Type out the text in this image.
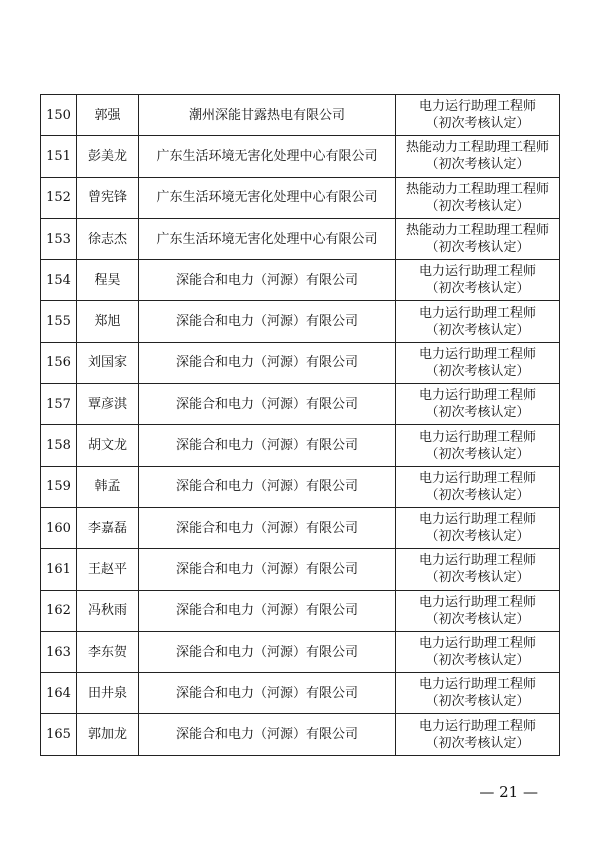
150	郭强	潮州深能甘露热电有限公司	电力运行助理工程师
（初次考核认定）

151	彭美龙	广东生活环境无害化处理中心有限公司	热能动力工程助理工程师
（初次考核认定）

152	曾宪锋	广东生活环境无害化处理中心有限公司	热能动力工程助理工程师
（初次考核认定）

153	徐志杰	广东生活环境无害化处理中心有限公司	热能动力工程助理工程师
（初次考核认定）

154	程昊	深能合和电力（河源）有限公司	电力运行助理工程师
（初次考核认定）

155	郑旭	深能合和电力（河源）有限公司	电力运行助理工程师
（初次考核认定）

156	刘国家	深能合和电力（河源）有限公司	电力运行助理工程师
（初次考核认定）

157	覃彦淇	深能合和电力（河源）有限公司	电力运行助理工程师
（初次考核认定）

158	胡文龙	深能合和电力（河源）有限公司	电力运行助理工程师
（初次考核认定）

159	韩孟	深能合和电力（河源）有限公司	电力运行助理工程师
（初次考核认定）

160	李嘉磊	深能合和电力（河源）有限公司	电力运行助理工程师
（初次考核认定）

161	王赵平	深能合和电力（河源）有限公司	电力运行助理工程师
（初次考核认定）

162	冯秋雨	深能合和电力（河源）有限公司	电力运行助理工程师
（初次考核认定）

163	李东贺	深能合和电力（河源）有限公司	电力运行助理工程师
（初次考核认定）

164	田井泉	深能合和电力（河源）有限公司	电力运行助理工程师
（初次考核认定）

165	郭加龙	深能合和电力（河源）有限公司	电力运行助理工程师
（初次考核认定）
— 21 —
